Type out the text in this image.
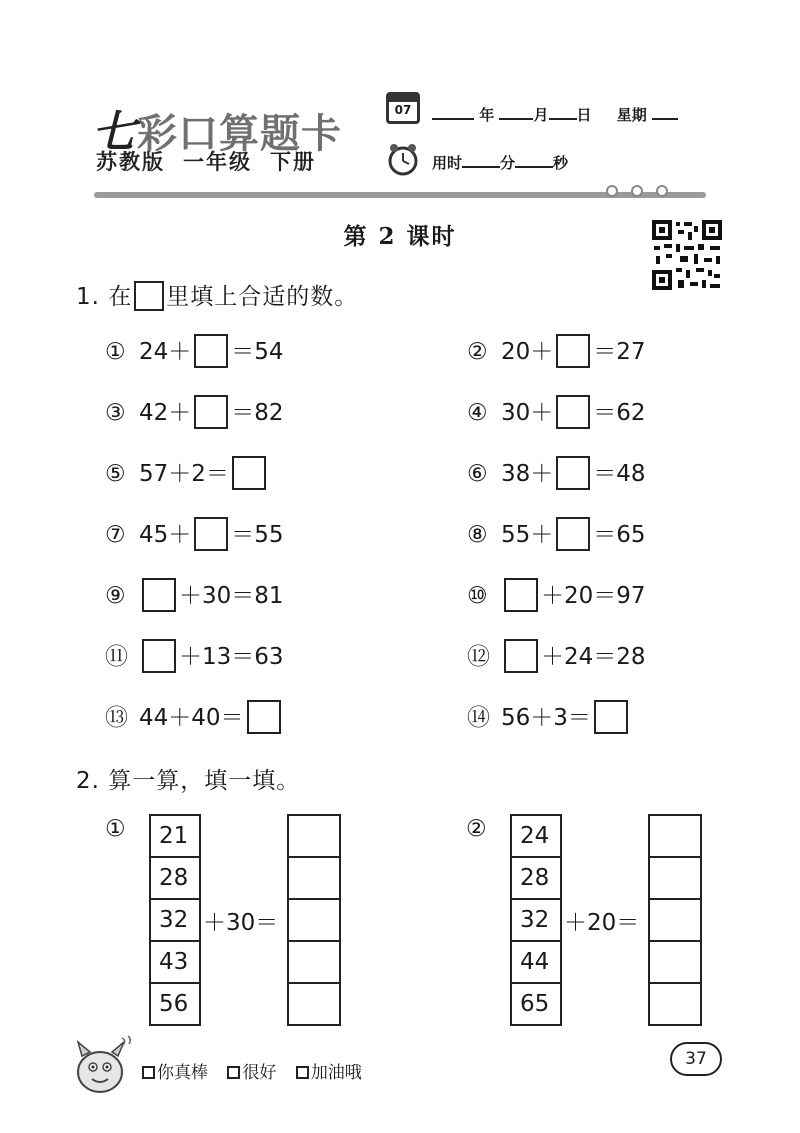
七彩口算题卡
苏教版 一年级 下册
07	年	月 日 星期
用时	分	秒
第 2 课时
1. 在 里填上合适的数。
① 24＋ ＝54	② 20＋ ＝27
③ 42＋ ＝82	④ 30＋ ＝62
⑤ 57＋2＝	⑥ 38＋ ＝48
⑦ 45＋ ＝55	⑧ 55＋ ＝65
⑨ ＋30＝81	⑩ ＋20＝97
⑪ ＋13＝63	⑫ ＋24＝28
⑬ 44＋40＝	⑭ 56＋3＝
2. 算一算，填一填。
① 21
28
32
43
56
＋30＝

② 24
28
32
44
65
＋20＝

你真棒 很好 加油哦
37
